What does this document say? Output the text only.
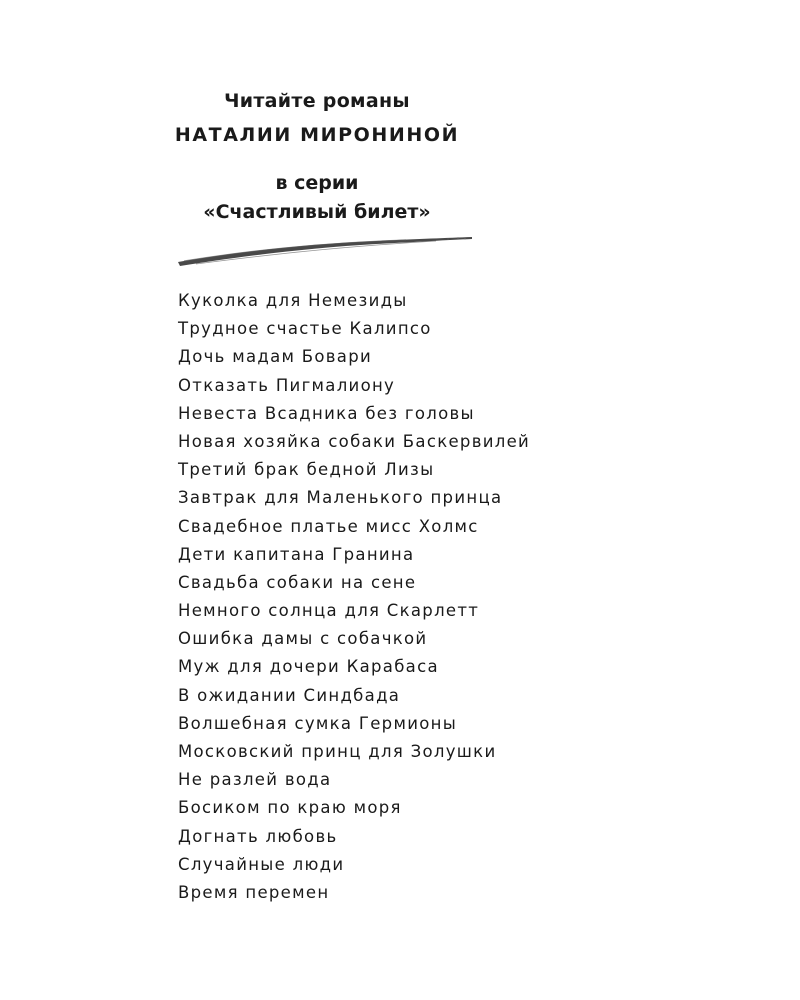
Читайте романы

НАТАЛИИ МИРОНИНОЙ

в серии

«Счастливый билет»

Куколка для Немезиды
Трудное счастье Калипсо
Дочь мадам Бовари
Отказать Пигмалиону
Невеста Всадника без головы
Новая хозяйка собаки Баскервилей
Третий брак бедной Лизы
Завтрак для Маленького принца
Свадебное платье мисс Холмс
Дети капитана Гранина
Свадьба собаки на сене
Немного солнца для Скарлетт
Ошибка дамы с собачкой
Муж для дочери Карабаса
В ожидании Синдбада
Волшебная сумка Гермионы
Московский принц для Золушки
Не разлей вода
Босиком по краю моря
Догнать любовь
Случайные люди
Время перемен
